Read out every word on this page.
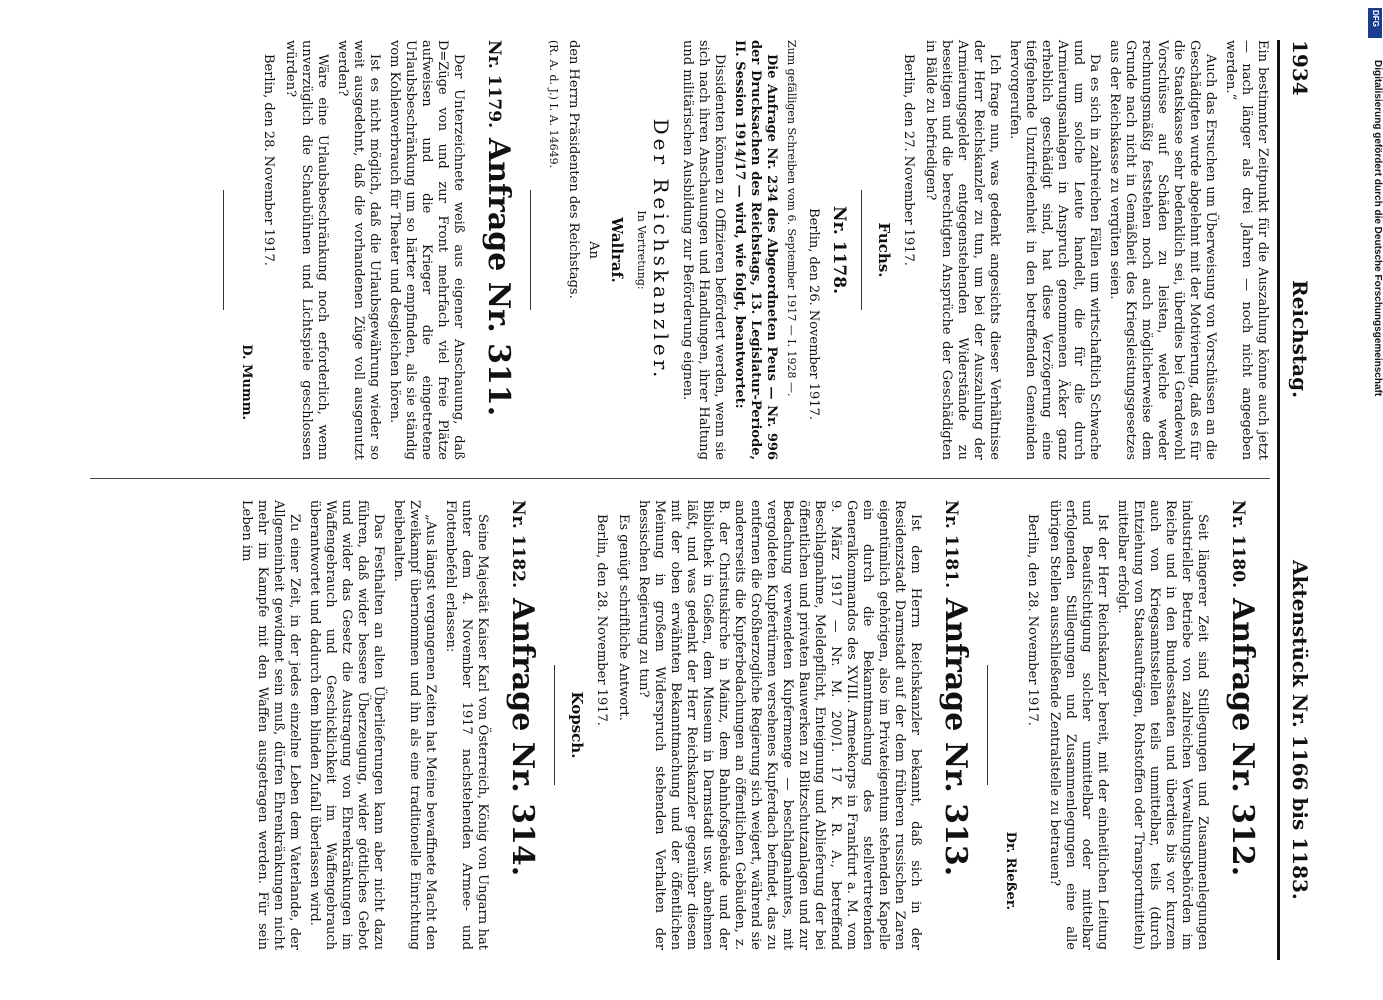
1934
Reichstag.
Aktenstück Nr. 1166 bis 1183.

Ein bestimmter Zeitpunkt für die Auszahlung könne auch jetzt — nach länger als drei Jahren — noch nicht angegeben werden.“

Auch das Ersuchen um Überweisung von Vorschüssen an die Geschädigten wurde abgelehnt mit der Motivierung, daß es für die Staatskasse sehr bedenklich sei, überdies bei Geradewohl Vorschüsse auf Schäden zu leisten, welche weder rechnungsmäßig feststehen noch auch möglicherweise dem Grunde nach nicht in Gemäßheit des Kriegsleistungsgesetzes aus der Reichskasse zu vergüten seien.

Da es sich in zahlreichen Fällen um wirtschaftlich Schwache und um solche Leute handelt, die für die durch Armierungsanlagen in Anspruch genommenen Äcker ganz erheblich geschädigt sind, hat diese Verzögerung eine tiefgehende Unzufriedenheit in den betreffenden Gemeinden hervorgerufen.

Ich frage nun, was gedenkt angesichts dieser Verhältnisse der Herr Reichskanzler zu tun, um bei der Auszahlung der Armierungsgelder entgegenstehenden Widerstände zu beseitigen und die berechtigten Ansprüche der Geschädigten in Bälde zu befriedigen?

Berlin, den 27. November 1917.

Fuchs.

Nr. 1178.

Berlin, den 26. November 1917.

Zum gefälligen Schreiben vom 6. September 1917 — I. 1928 —.

Die Anfrage Nr. 234 des Abgeordneten Peus — Nr. 996 der Drucksachen des Reichstags, 13. Legislatur-Periode, II. Session 1914/17 — wird, wie folgt, beantwortet:

Dissidenten können zu Offizieren befördert werden, wenn sie sich nach ihren Anschauungen und Handlungen, ihrer Haltung und militärischen Ausbildung zur Beförderung eignen.

Der Reichskanzler.

In Vertretung:

Wallraf.

An

den Herrn Präsidenten des Reichstags.

(R. A. d. J.) I. A. 14649.

Nr. 1179.Anfrage Nr. 311.

Der Unterzeichnete weiß aus eigener Anschauung, daß D=Züge von und zur Front mehrfach viel freie Plätze aufweisen und die Krieger die eingetretene Urlaubsbeschränkung um so härter empfinden, als sie ständig vom Kohlenverbrauch für Theater und desgleichen hören.

Ist es nicht möglich, daß die Urlaubsgewährung wieder so weit ausgedehnt, daß die vorhandenen Züge voll ausgenutzt werden?

Wäre eine Urlaubsbeschränkung noch erforderlich, wenn unverzüglich die Schaubühnen und Lichtspiele geschlossen würden?

Berlin, den 28. November 1917.

D. Mumm.

Nr. 1180.Anfrage Nr. 312.

Seit längerer Zeit sind Stillegungen und Zusammenlegungen industrieller Betriebe von zahlreichen Verwaltungsbehörden im Reiche und in den Bundesstaaten und überdies bis vor kurzem auch von Kriegsamtsstellen teils unmittelbar, teils (durch Entziehung von Staatsaufträgen, Rohstoffen oder Transportmitteln) mittelbar erfolgt.

Ist der Herr Reichskanzler bereit, mit der einheitlichen Leitung und Beaufsichtigung solcher unmittelbar oder mittelbar erfolgenden Stillegungen und Zusammenlegungen eine alle übrigen Stellen ausschließende Zentralstelle zu betrauen?

Berlin, den 28. November 1917.

Dr. Rießer.

Nr. 1181.Anfrage Nr. 313.

Ist dem Herrn Reichskanzler bekannt, daß sich in der Residenzstadt Darmstadt auf der dem früheren russischen Zaren eigentümlich gehörigen, also im Privateigentum stehenden Kapelle ein durch die Bekanntmachung des stellvertretenden Generalkommandos des XVIII. Armeekorps in Frankfurt a. M. vom 9. März 1917 — Nr. M. 200/1. 17 K. R. A., betreffend Beschlagnahme, Meldepflicht, Enteignung und Ablieferung der bei öffentlichen und privaten Bauwerken zu Blitzschutzanlagen und zur Bedachung verwendeten Kupfermenge — beschlagnahmtes, mit vergoldeten Kupfertürmen versehenes Kupferdach befindet, das zu entfernen die Großherzogliche Regierung sich weigert, während sie andererseits die Kupferbedachungen an öffentlichen Gebäuden, z. B. der Christuskirche in Mainz, dem Bahnhofsgebäude und der Bibliothek in Gießen, dem Museum in Darmstadt usw. abnehmen läßt, und was gedenkt der Herr Reichskanzler gegenüber diesem mit der oben erwähnten Bekanntmachung und der öffentlichen Meinung in großem Widerspruch stehenden Verhalten der hessischen Regierung zu tun?

Es genügt schriftliche Antwort.

Berlin, den 28. November 1917.

Kopsch.

Nr. 1182.Anfrage Nr. 314.

Seine Majestät Kaiser Karl von Österreich, König von Ungarn hat unter dem 4. November 1917 nachstehenden Armee- und Flottenbefehl erlassen:

„Aus längst vergangenen Zeiten hat Meine bewaffnete Macht den Zweikampf übernommen und ihn als eine traditionelle Einrichtung beibehalten.

Das Festhalten an alten Überlieferungen kann aber nicht dazu führen, daß wider bessere Überzeugung, wider göttliches Gebot und wider das Gesetz die Austragung von Ehrenkränkungen im Waffengebrauch und Geschicklichkeit im Waffengebrauch überantwortet und dadurch dem blinden Zufall überlassen wird.

Zu einer Zeit, in der jedes einzelne Leben dem Vaterlande, der Allgemeinheit gewidmet sein muß, dürfen Ehrenkränkungen nicht mehr im Kampfe mit den Waffen ausgetragen werden. Für sein Leben im

DFG
Digitalisierung gefördert durch die Deutsche Forschungsgemeinschaft
